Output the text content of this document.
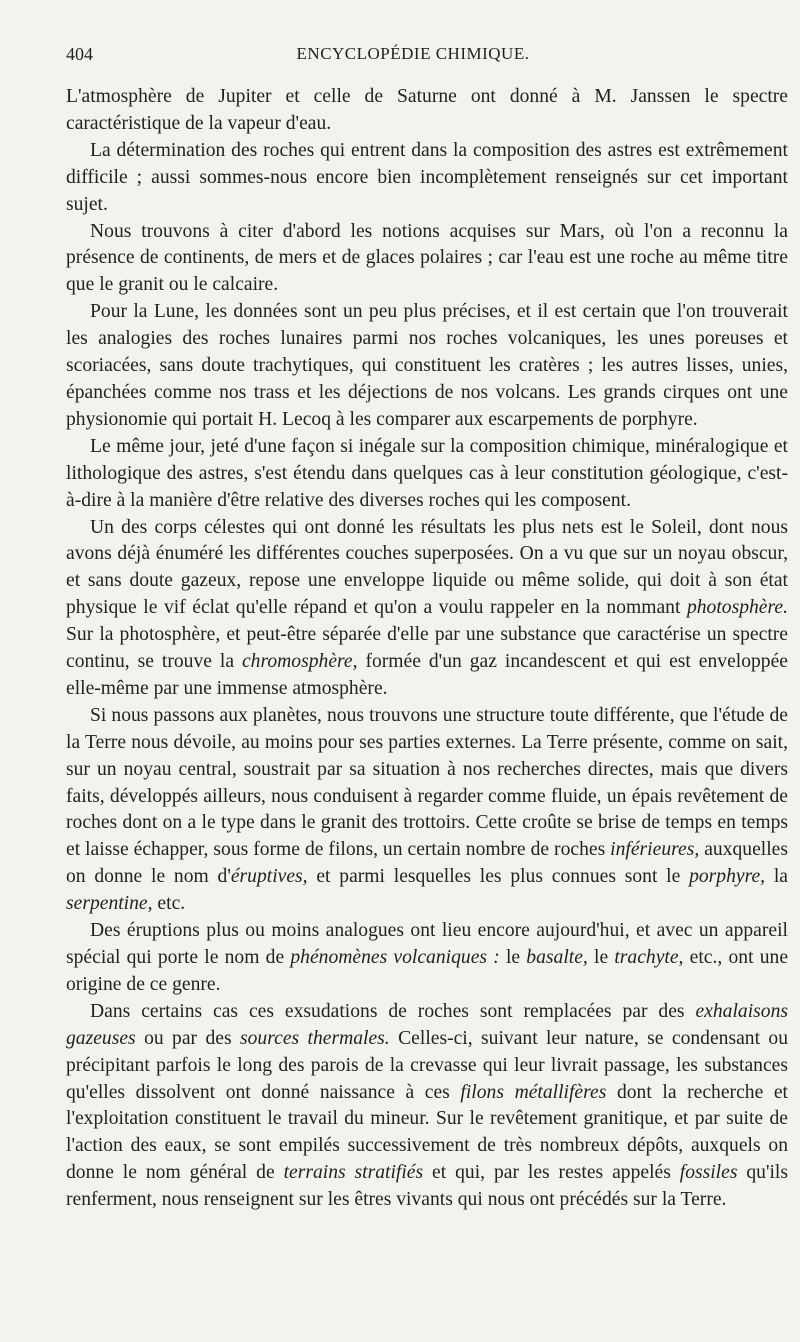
404	ENCYCLOPÉDIE CHIMIQUE.

L'atmosphère de Jupiter et celle de Saturne ont donné à M. Janssen le spectre caractéristique de la vapeur d'eau.

La détermination des roches qui entrent dans la composition des astres est extrêmement difficile ; aussi sommes-nous encore bien incomplètement renseignés sur cet important sujet.

Nous trouvons à citer d'abord les notions acquises sur Mars, où l'on a reconnu la présence de continents, de mers et de glaces polaires ; car l'eau est une roche au même titre que le granit ou le calcaire.

Pour la Lune, les données sont un peu plus précises, et il est certain que l'on trouverait les analogies des roches lunaires parmi nos roches volcaniques, les unes poreuses et scoriacées, sans doute trachytiques, qui constituent les cratères ; les autres lisses, unies, épanchées comme nos trass et les déjections de nos volcans. Les grands cirques ont une physionomie qui portait H. Lecoq à les comparer aux escarpements de porphyre.

Le même jour, jeté d'une façon si inégale sur la composition chimique, minéralogique et lithologique des astres, s'est étendu dans quelques cas à leur constitution géologique, c'est-à-dire à la manière d'être relative des diverses roches qui les composent.

Un des corps célestes qui ont donné les résultats les plus nets est le Soleil, dont nous avons déjà énuméré les différentes couches superposées. On a vu que sur un noyau obscur, et sans doute gazeux, repose une enveloppe liquide ou même solide, qui doit à son état physique le vif éclat qu'elle répand et qu'on a voulu rappeler en la nommant photosphère. Sur la photosphère, et peut-être séparée d'elle par une substance que caractérise un spectre continu, se trouve la chromosphère, formée d'un gaz incandescent et qui est enveloppée elle-même par une immense atmosphère.

Si nous passons aux planètes, nous trouvons une structure toute différente, que l'étude de la Terre nous dévoile, au moins pour ses parties externes. La Terre présente, comme on sait, sur un noyau central, soustrait par sa situation à nos recherches directes, mais que divers faits, développés ailleurs, nous conduisent à regarder comme fluide, un épais revêtement de roches dont on a le type dans le granit des trottoirs. Cette croûte se brise de temps en temps et laisse échapper, sous forme de filons, un certain nombre de roches inférieures, auxquelles on donne le nom d'éruptives, et parmi lesquelles les plus connues sont le porphyre, la serpentine, etc.

Des éruptions plus ou moins analogues ont lieu encore aujourd'hui, et avec un appareil spécial qui porte le nom de phénomènes volcaniques : le basalte, le trachyte, etc., ont une origine de ce genre.

Dans certains cas ces exsudations de roches sont remplacées par des exhalaisons gazeuses ou par des sources thermales. Celles-ci, suivant leur nature, se condensant ou précipitant parfois le long des parois de la crevasse qui leur livrait passage, les substances qu'elles dissolvent ont donné naissance à ces filons métallifères dont la recherche et l'exploitation constituent le travail du mineur. Sur le revêtement granitique, et par suite de l'action des eaux, se sont empilés successivement de très nombreux dépôts, auxquels on donne le nom général de terrains stratifiés et qui, par les restes appelés fossiles qu'ils renferment, nous renseignent sur les êtres vivants qui nous ont précédés sur la Terre.
